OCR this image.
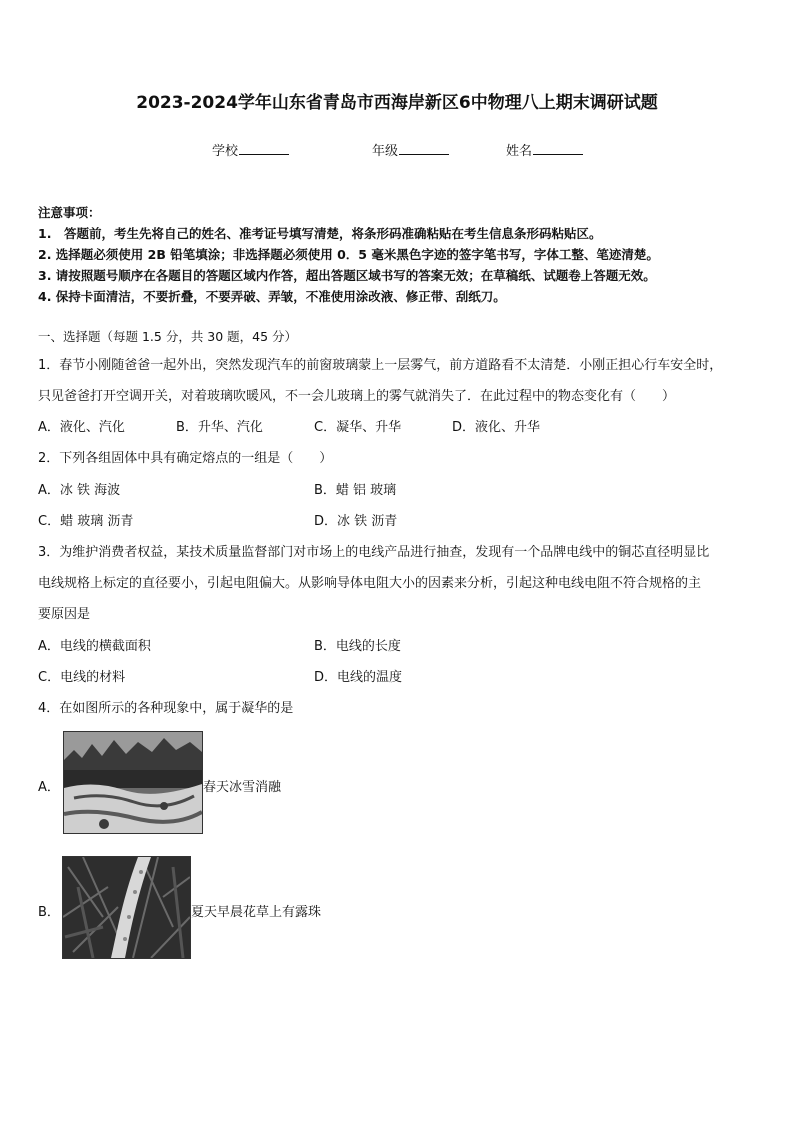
2023-2024学年山东省青岛市西海岸新区6中物理八上期末调研试题
学校	年级	姓名
注意事项：
1.　答题前，考生先将自己的姓名、准考证号填写清楚，将条形码准确粘贴在考生信息条形码粘贴区。
2. 选择题必须使用 2B 铅笔填涂；非选择题必须使用 0．5 毫米黑色字迹的签字笔书写，字体工整、笔迹清楚。
3. 请按照题号顺序在各题目的答题区域内作答，超出答题区域书写的答案无效；在草稿纸、试题卷上答题无效。
4. 保持卡面清洁，不要折叠，不要弄破、弄皱，不准使用涂改液、修正带、刮纸刀。
一、选择题（每题 1.5 分，共 30 题，45 分）
1．春节小刚随爸爸一起外出，突然发现汽车的前窗玻璃蒙上一层雾气，前方道路看不太清楚．小刚正担心行车安全时，
只见爸爸打开空调开关，对着玻璃吹暖风，不一会儿玻璃上的雾气就消失了．在此过程中的物态变化有（　　）
A．液化、汽化	B．升华、汽化	C．凝华、升华	D．液化、升华
2．下列各组固体中具有确定熔点的一组是（　　）
A．冰 铁 海波	B．蜡 铝 玻璃
C．蜡 玻璃 沥青	D．冰 铁 沥青
3．为维护消费者权益，某技术质量监督部门对市场上的电线产品进行抽查，发现有一个品牌电线中的铜芯直径明显比
电线规格上标定的直径要小，引起电阻偏大。从影响导体电阻大小的因素来分析，引起这种电线电阻不符合规格的主
要原因是
A．电线的横截面积	B．电线的长度
C．电线的材料	D．电线的温度
4．在如图所示的各种现象中，属于凝华的是
A．	春天冰雪消融
B．	夏天早晨花草上有露珠
